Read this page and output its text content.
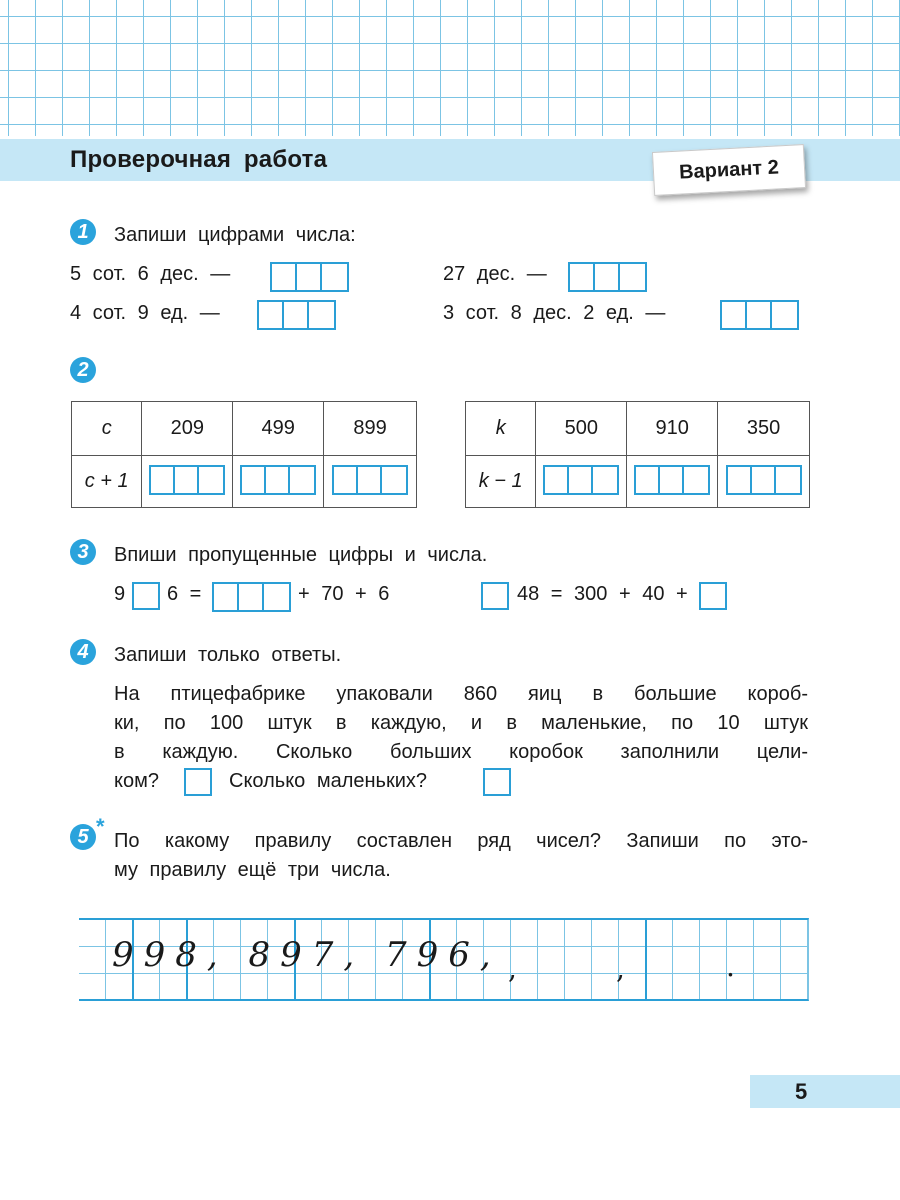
Проверочная работа	Вариант 2
1	Запиши цифрами числа:
5 сот. 6 дес. —	27 дес. —
4 сот. 9 ед. —	3 сот. 8 дес. 2 ед. —
2
c	209	499	899
c + 1	

k	500	910	350
k − 1	

3	Впиши пропущенные цифры и числа.
9 6 =	+ 70 + 6	48 = 300 + 40 +
4	Запиши только ответы.
На птицефабрике упаковали 860 яиц в большие короб-
ки, по 100 штук в каждую, и в маленькие, по 10 штук
в каждую. Сколько больших коробок заполнили цели-
ком?	Сколько маленьких?
5 *
По какому правилу составлен ряд чисел? Запиши по это-
му правилу ещё три числа.
998, 897, 796, ,	,	.
5
